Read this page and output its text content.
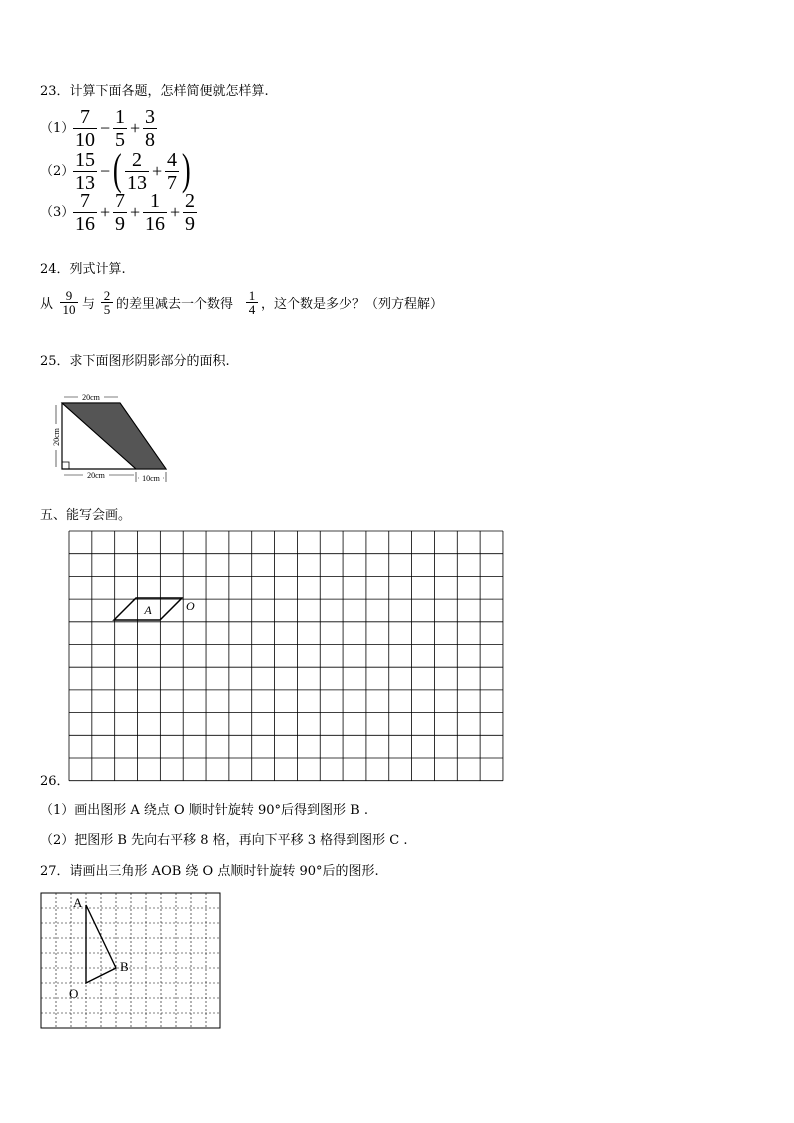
23．计算下面各题，怎样简便就怎样算.
（1）
7
10
− 1
5
+ 3
8
（2）
15
13
− ( 2
13
+ 4
7 )
（3）
7
16
+ 7
9
+ 1
16
+ 2
9
24．列式计算.
从
9
10 与
2
5 的差里减去一个数得
1
4 ，这个数是多少？（列方程解）
25．求下面图形阴影部分的面积.
20cm
20cm
20cm	10cm
五、能写会画。
A	O
26．
（1）画出图形 A 绕点 O 顺时针旋转 90°后得到图形 B .
（2）把图形 B 先向右平移 8 格，再向下平移 3 格得到图形 C .
27．请画出三角形 AOB 绕 O 点顺时针旋转 90°后的图形.
A
B
O
